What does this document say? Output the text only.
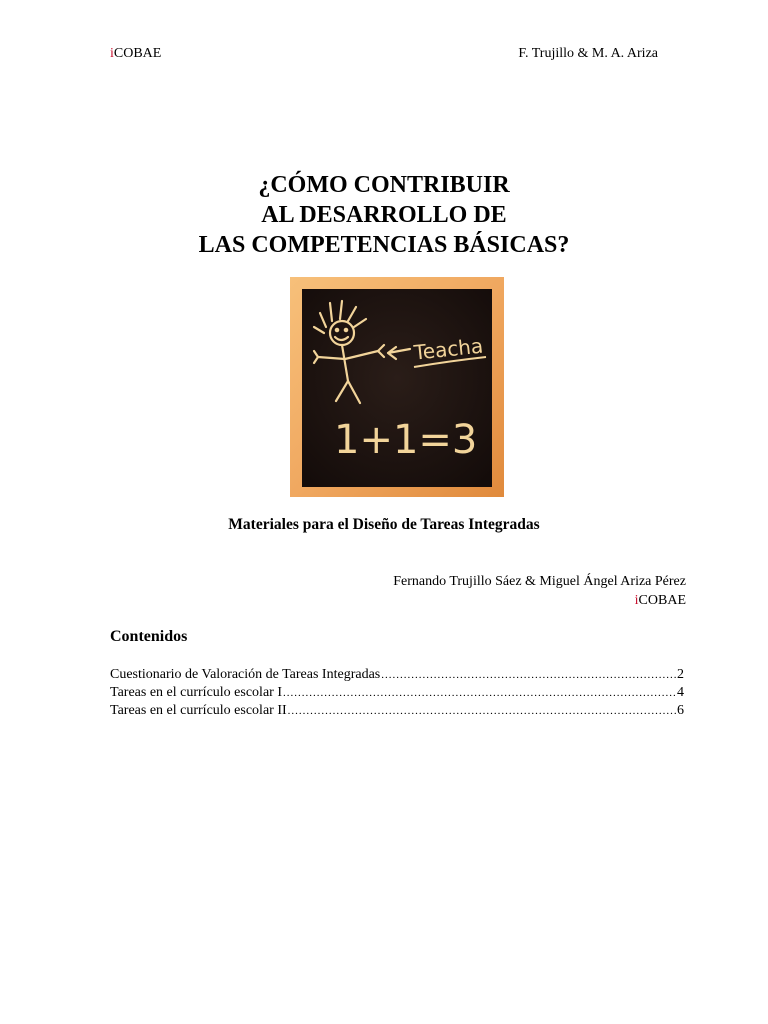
iCOBAE	F. Trujillo & M. A. Ariza
¿CÓMO CONTRIBUIR
AL DESARROLLO DE
LAS COMPETENCIAS BÁSICAS?
Teacha
1+1=3
Materiales para el Diseño de Tareas Integradas
Fernando Trujillo Sáez & Miguel Ángel Ariza Pérez
iCOBAE
Contenidos
Cuestionario de Valoración de Tareas Integradas .....	2
Tareas en el currículo escolar I .....	4
Tareas en el currículo escolar II .....	6
